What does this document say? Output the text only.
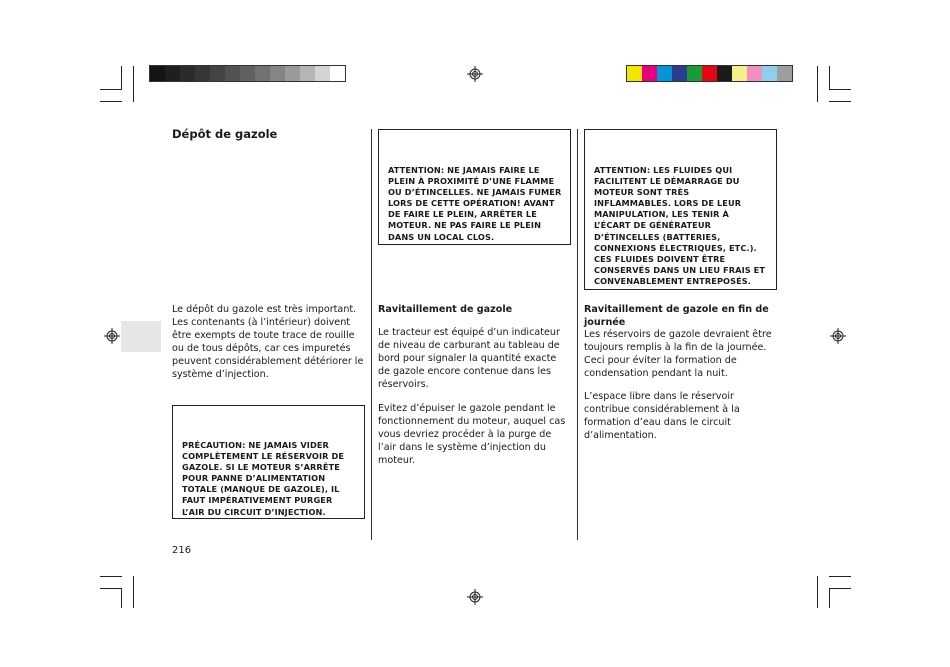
Dépôt de gazole

Le dépôt du gazole est très important. Les contenants (à l’intérieur) doivent être exempts de toute trace de rouille ou de tous dépôts, car ces impuretés peuvent considérablement détériorer le système d’injection.

PRÉCAUTION: NE JAMAIS VIDER COMPLÈTEMENT LE RÉSERVOIR DE GAZOLE. SI LE MOTEUR S’ARRÊTE POUR PANNE D’ALIMENTATION TOTALE (MANQUE DE GAZOLE), IL FAUT IMPÉRATIVEMENT PURGER L’AIR DU CIRCUIT D’INJECTION.

216

ATTENTION: NE JAMAIS FAIRE LE PLEIN À PROXIMITÉ D’UNE FLAMME OU D’ÉTINCELLES. NE JAMAIS FUMER LORS DE CETTE OPÉRATION! AVANT DE FAIRE LE PLEIN, ARRÊTER LE MOTEUR. NE PAS FAIRE LE PLEIN DANS UN LOCAL CLOS.

Ravitaillement de gazole

Le tracteur est équipé d’un indicateur de niveau de carburant au tableau de bord pour signaler la quantité exacte de gazole encore contenue dans les réservoirs.

Evitez d’épuiser le gazole pendant le fonctionnement du moteur, auquel cas vous devriez procéder à la purge de l’air dans le système d’injection du moteur.

ATTENTION: LES FLUIDES QUI FACILITENT LE DÉMARRAGE DU MOTEUR SONT TRÈS INFLAMMABLES. LORS DE LEUR MANIPULATION, LES TENIR À L’ÉCART DE GÉNÉRATEUR D’ÉTINCELLES (BATTERIES, CONNEXIONS ÉLECTRIQUES, ETC.). CES FLUIDES DOIVENT ÊTRE CONSERVÉS DANS UN LIEU FRAIS ET CONVENABLEMENT ENTREPOSÉS.

Ravitaillement de gazole en fin de journée

Les réservoirs de gazole devraient être toujours remplis à la fin de la journée. Ceci pour éviter la formation de condensation pendant la nuit.

L’espace libre dans le réservoir contribue considérablement à la formation d’eau dans le circuit d’alimentation.
